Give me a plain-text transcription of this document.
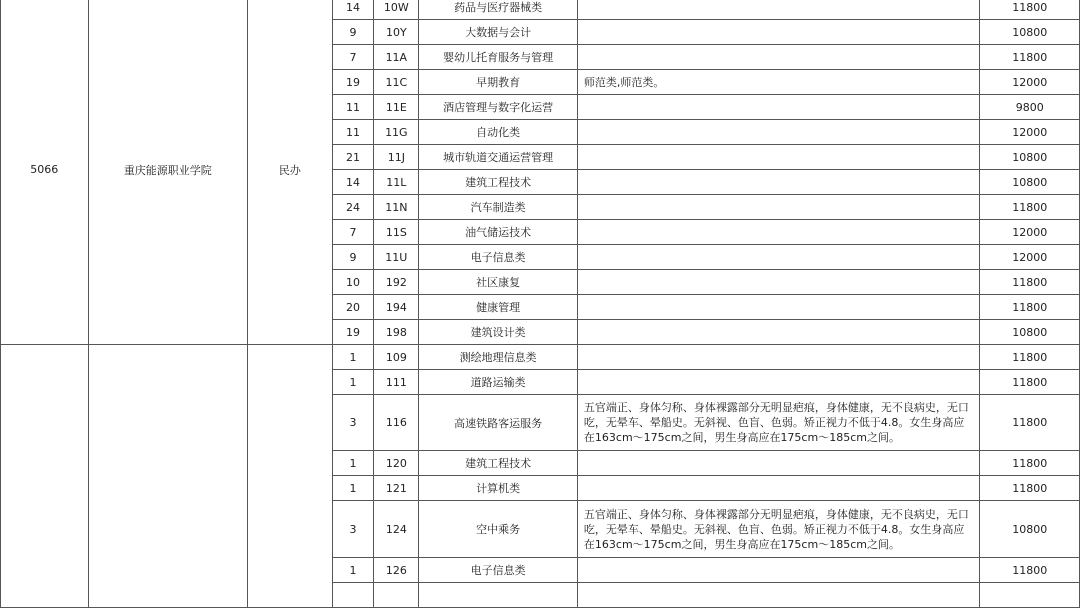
5066	重庆能源职业学院	民办	14	10W	药品与医疗器械类		11800
			9	10Y	大数据与会计		10800
			7	11A	婴幼儿托育服务与管理		11800
			19	11C	早期教育	师范类,师范类。	12000
			11	11E	酒店管理与数字化运营		9800
			11	11G	自动化类		12000
			21	11J	城市轨道交通运营管理		10800
			14	11L	建筑工程技术		10800
			24	11N	汽车制造类		11800
			7	11S	油气储运技术		12000
			9	11U	电子信息类		12000
			10	192	社区康复		11800
			20	194	健康管理		11800
			19	198	建筑设计类		10800
			1	109	测绘地理信息类		11800
			1	111	道路运输类		11800
			3	116	高速铁路客运服务	五官端正、身体匀称、身体裸露部分无明显疤痕，身体健康，无不良病史，无口吃，无晕车、晕船史。无斜视、色盲、色弱。矫正视力不低于4.8。女生身高应在163cm～175cm之间，男生身高应在175cm～185cm之间。	11800
			1	120	建筑工程技术		11800
			1	121	计算机类		11800
			3	124	空中乘务	五官端正、身体匀称、身体裸露部分无明显疤痕，身体健康，无不良病史，无口吃，无晕车、晕船史。无斜视、色盲、色弱。矫正视力不低于4.8。女生身高应在163cm～175cm之间，男生身高应在175cm～185cm之间。	10800
			1	126	电子信息类		11800
